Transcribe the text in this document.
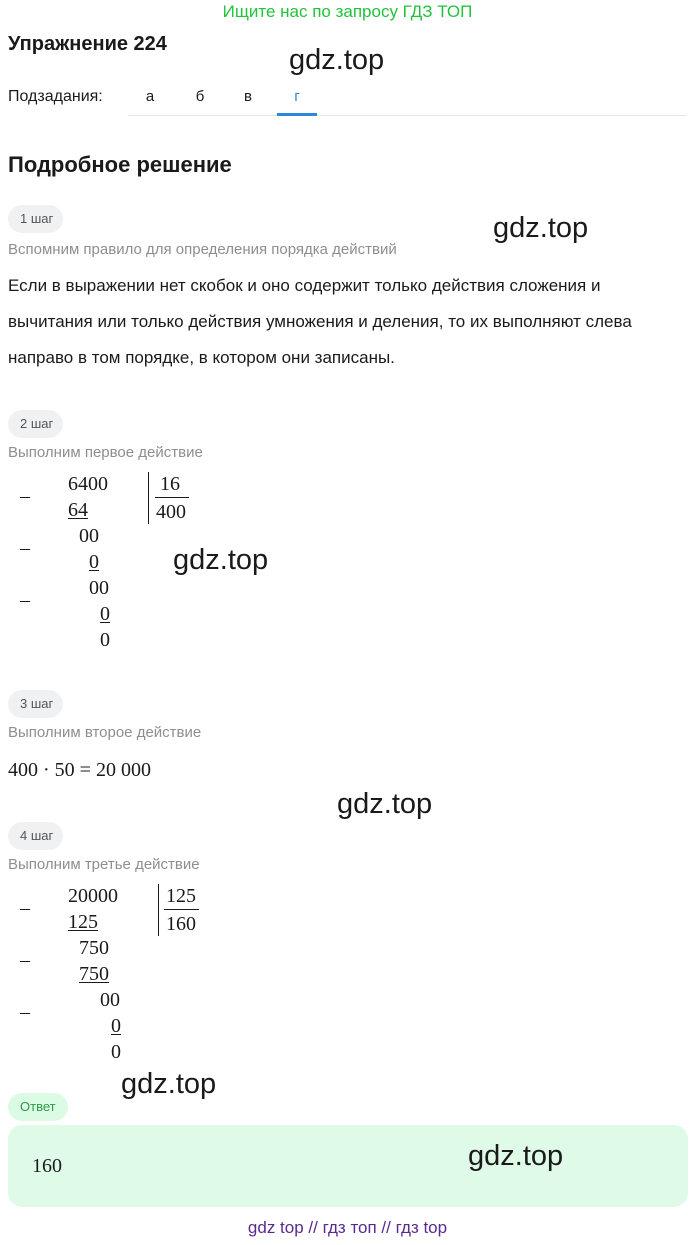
Ищите нас по запросу ГДЗ ТОП
Упражнение 224	gdz.top
Подзадания:	а	б	в	г
Подробное решение
1 шаг
Вспомним правило для определения порядка действий
gdz.top
Если в выражении нет скобок и оно содержит только действия сложения и вычитания или только действия умножения и деления, то их выполняют слева направо в том порядке, в котором они записаны.
2 шаг
Выполним первое действие
–
–
–
6400
64
00
0
00
0
0
16
400
gdz.top
3 шаг
Выполним второе действие
400 · 50 = 20 000
gdz.top
4 шаг
Выполним третье действие
–
–
–
20000
125
750
750
00
0
0
125
160
gdz.top
Ответ
160	gdz.top
gdz top // гдз топ // гдз top
